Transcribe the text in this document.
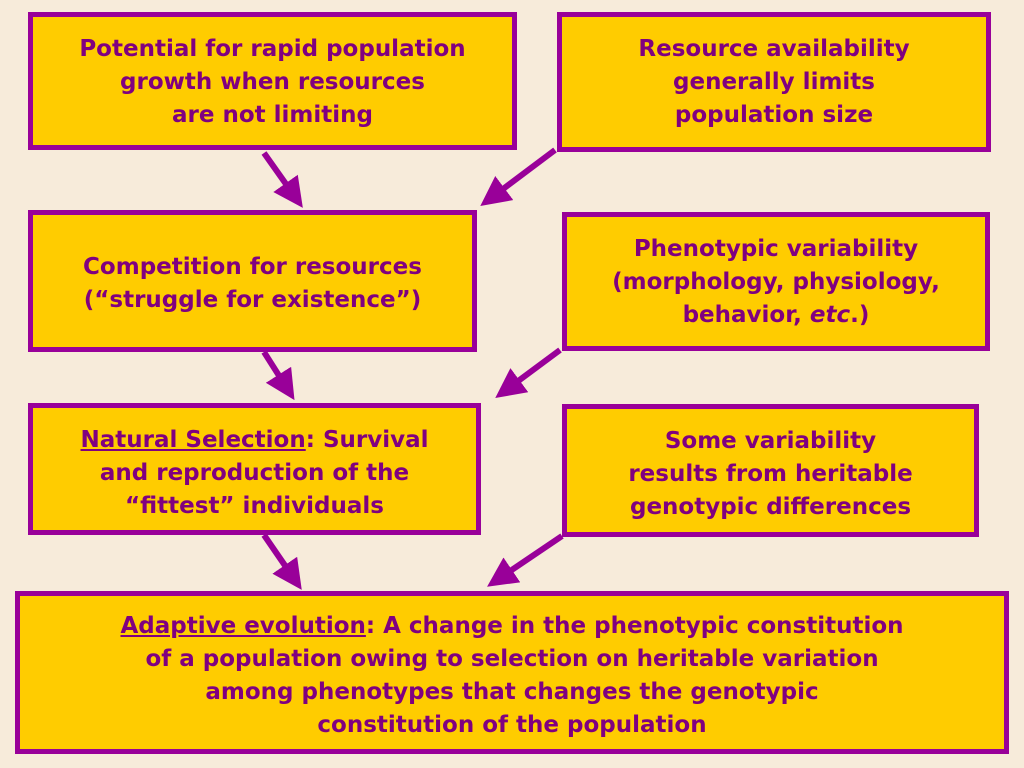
Potential for rapid population
growth when resources
are not limiting
Resource availability
generally limits
population size
Competition for resources
(“struggle for existence”)
Phenotypic variability
(morphology, physiology,
behavior, etc.)
Natural Selection: Survival
and reproduction of the
“fittest” individuals
Some variability
results from heritable
genotypic differences
Adaptive evolution: A change in the phenotypic constitution
of a population owing to selection on heritable variation
among phenotypes that changes the genotypic
constitution of the population
